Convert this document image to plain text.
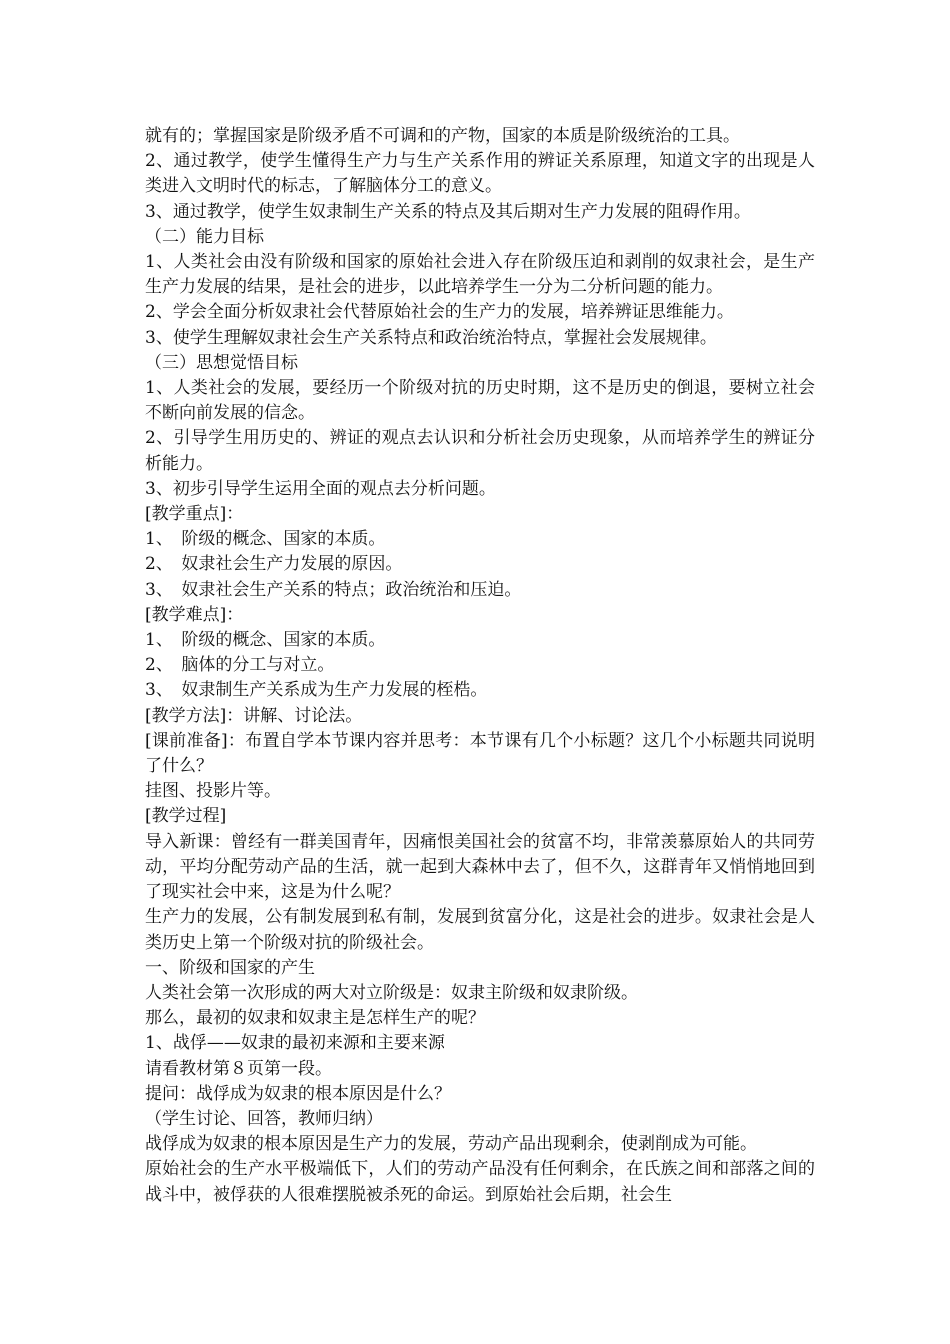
就有的；掌握国家是阶级矛盾不可调和的产物，国家的本质是阶级统治的工具。

2、通过教学，使学生懂得生产力与生产关系作用的辨证关系原理，知道文字的出现是人类进入文明时代的标志，了解脑体分工的意义。

3、通过教学，使学生奴隶制生产关系的特点及其后期对生产力发展的阻碍作用。

（二）能力目标

1、人类社会由没有阶级和国家的原始社会进入存在阶级压迫和剥削的奴隶社会，是生产生产力发展的结果，是社会的进步，以此培养学生一分为二分析问题的能力。

2、学会全面分析奴隶社会代替原始社会的生产力的发展，培养辨证思维能力。

3、使学生理解奴隶社会生产关系特点和政治统治特点，掌握社会发展规律。

（三）思想觉悟目标

1、人类社会的发展，要经历一个阶级对抗的历史时期，这不是历史的倒退，要树立社会不断向前发展的信念。

2、引导学生用历史的、辨证的观点去认识和分析社会历史现象，从而培养学生的辨证分析能力。

3、初步引导学生运用全面的观点去分析问题。

[教学重点]：

1、　阶级的概念、国家的本质。

2、　奴隶社会生产力发展的原因。

3、　奴隶社会生产关系的特点；政治统治和压迫。

[教学难点]：

1、　阶级的概念、国家的本质。

2、　脑体的分工与对立。

3、　奴隶制生产关系成为生产力发展的桎梏。

[教学方法]：讲解、讨论法。

[课前准备]：布置自学本节课内容并思考：本节课有几个小标题？这几个小标题共同说明了什么？

挂图、投影片等。

[教学过程]

导入新课：曾经有一群美国青年，因痛恨美国社会的贫富不均，非常羡慕原始人的共同劳动，平均分配劳动产品的生活，就一起到大森林中去了，但不久，这群青年又悄悄地回到了现实社会中来，这是为什么呢？

生产力的发展，公有制发展到私有制，发展到贫富分化，这是社会的进步。奴隶社会是人类历史上第一个阶级对抗的阶级社会。

一、阶级和国家的产生

人类社会第一次形成的两大对立阶级是：奴隶主阶级和奴隶阶级。

那么，最初的奴隶和奴隶主是怎样生产的呢？

1、战俘——奴隶的最初来源和主要来源

请看教材第８页第一段。

提问：战俘成为奴隶的根本原因是什么？

（学生讨论、回答，教师归纳）

战俘成为奴隶的根本原因是生产力的发展，劳动产品出现剩余，使剥削成为可能。

原始社会的生产水平极端低下，人们的劳动产品没有任何剩余，在氏族之间和部落之间的战斗中，被俘获的人很难摆脱被杀死的命运。到原始社会后期，社会生
